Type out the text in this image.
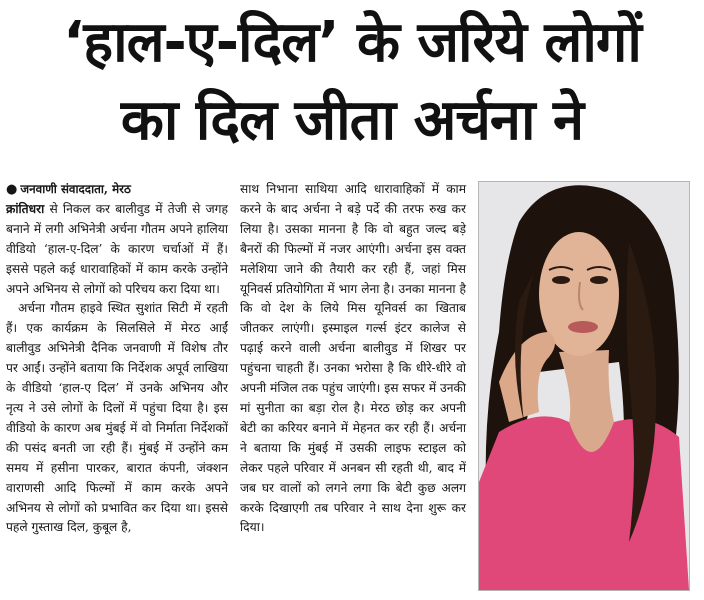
‘हाल-ए-दिल’ के जरिये लोगों
का दिल जीता अर्चना ने

● जनवाणी संवाददाता, मेरठ

क्रांतिधरा से निकल कर बालीवुड में तेजी से जगह बनाने में लगी अभिनेत्री अर्चना गौतम अपने हालिया वीडियो ‘हाल-ए-दिल’ के कारण चर्चाओं में हैं। इससे पहले कई धारावाहिकों में काम करके उन्होंने अपने अभिनय से लोगों को परिचय करा दिया था।

अर्चना गौतम हाइवे स्थित सुशांत सिटी में रहती हैं। एक कार्यक्रम के सिलसिले में मेरठ आईं बालीवुड अभिनेत्री दैनिक जनवाणी में विशेष तौर पर आईं। उन्होंने बताया कि निर्देशक अपूर्व लाखिया के वीडियो ‘हाल-ए दिल’ में उनके अभिनय और नृत्य ने उसे लोगों के दिलों में पहुंचा दिया है। इस वीडियो के कारण अब मुंबई में वो निर्माता निर्देशकों की पसंद बनती जा रही हैं। मुंबई में उन्होंने कम समय में हसीना पारकर, बारात कंपनी, जंक्शन वाराणसी आदि फिल्मों में काम करके अपने अभिनय से लोगों को प्रभावित कर दिया था। इससे पहले गुस्ताख दिल, कुबूल है,

साथ निभाना साथिया आदि धारावाहिकों में काम करने के बाद अर्चना ने बड़े पर्दे की तरफ रुख कर लिया है। उसका मानना है कि वो बहुत जल्द बड़े बैनरों की फिल्मों में नजर आएंगी। अर्चना इस वक्त मलेशिया जाने की तैयारी कर रही हैं, जहां मिस यूनिवर्स प्रतियोगिता में भाग लेना है। उनका मानना है कि वो देश के लिये मिस यूनिवर्स का खिताब जीतकर लाएंगी। इस्माइल गर्ल्स इंटर कालेज से पढ़ाई करने वाली अर्चना बालीवुड में शिखर पर पहुंचना चाहती हैं। उनका भरोसा है कि धीरे-धीरे वो अपनी मंजिल तक पहुंच जाएंगी। इस सफर में उनकी मां सुनीता का बड़ा रोल है। मेरठ छोड़ कर अपनी बेटी का करियर बनाने में मेहनत कर रही हैं। अर्चना ने बताया कि मुंबई में उसकी लाइफ स्टाइल को लेकर पहले परिवार में अनबन सी रहती थी, बाद में जब घर वालों को लगने लगा कि बेटी कुछ अलग करके दिखाएगी तब परिवार ने साथ देना शुरू कर दिया।
